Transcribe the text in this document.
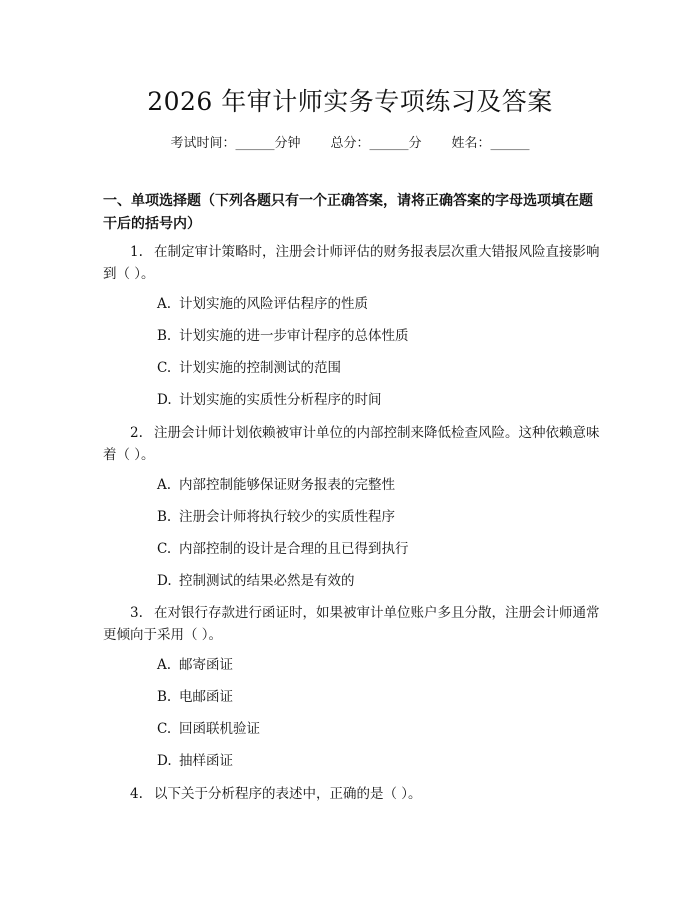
2026 年审计师实务专项练习及答案
考试时间：______分钟 总分：______分 姓名：______
一、单项选择题（下列各题只有一个正确答案，请将正确答案的字母选项填在题干后的括号内）
1. 在制定审计策略时，注册会计师评估的财务报表层次重大错报风险直接影响到（ ）。
A. 计划实施的风险评估程序的性质
B. 计划实施的进一步审计程序的总体性质
C. 计划实施的控制测试的范围
D. 计划实施的实质性分析程序的时间
2. 注册会计师计划依赖被审计单位的内部控制来降低检查风险。这种依赖意味着（ ）。
A. 内部控制能够保证财务报表的完整性
B. 注册会计师将执行较少的实质性程序
C. 内部控制的设计是合理的且已得到执行
D. 控制测试的结果必然是有效的
3. 在对银行存款进行函证时，如果被审计单位账户多且分散，注册会计师通常更倾向于采用（ ）。
A. 邮寄函证
B. 电邮函证
C. 回函联机验证
D. 抽样函证
4. 以下关于分析程序的表述中，正确的是（ ）。
